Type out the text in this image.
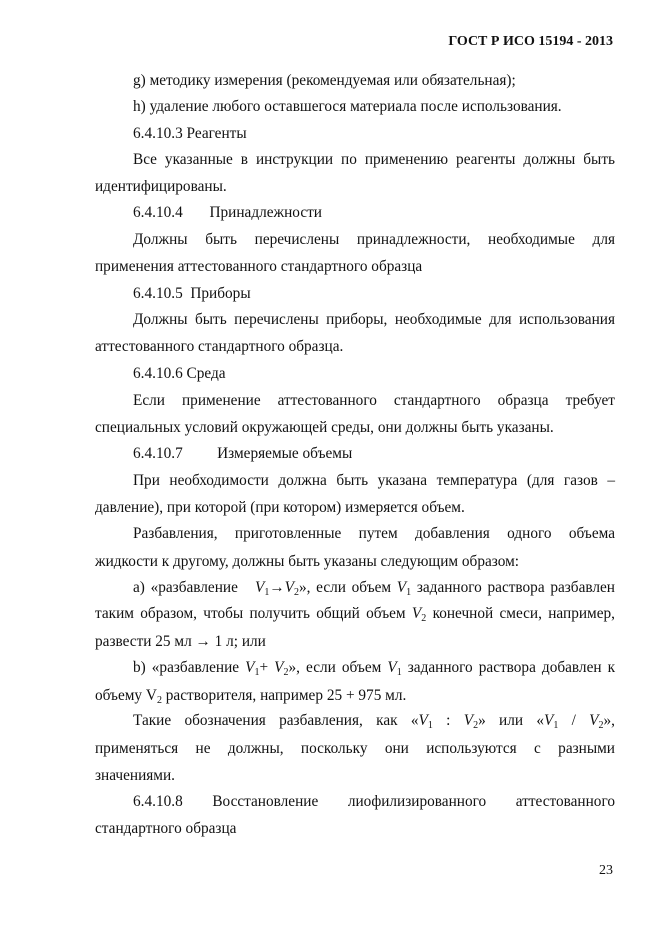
ГОСТ Р ИСО 15194 - 2013
g) методику измерения (рекомендуемая или обязательная);
h) удаление любого оставшегося материала после использования.
6.4.10.3 Реагенты
Все указанные в инструкции по применению реагенты должны быть
идентифицированы.
6.4.10.4       Принадлежности
Должны быть перечислены принадлежности, необходимые для
применения аттестованного стандартного образца
6.4.10.5  Приборы
Должны быть перечислены приборы, необходимые для использования
аттестованного стандартного образца.
6.4.10.6 Среда
Если применение аттестованного стандартного образца требует
специальных условий окружающей среды, они должны быть указаны.
6.4.10.7         Измеряемые объемы
При необходимости должна быть указана температура (для газов –
давление), при которой (при котором) измеряется объем.
Разбавления, приготовленные путем добавления одного объема
жидкости к другому, должны быть указаны следующим образом:
а) «разбавление   $V_1\to V_2$», если объем $V_1$ заданного раствора разбавлен
таким образом, чтобы получить общий объем $V_2$ конечной смеси, например,
развести 25 мл → 1 л; или
b) «разбавление $V_1+ V_2$», если объем $V_1$ заданного раствора добавлен к
объему $V_2$ растворителя, например 25 + 975 мл.
Такие обозначения разбавления, как «$V_1$ : $V_2$» или «$V_1 / V_2$»,
применяться не должны, поскольку они используются с разными
значениями.
6.4.10.8 Восстановление лиофилизированного аттестованного
стандартного образца
23
